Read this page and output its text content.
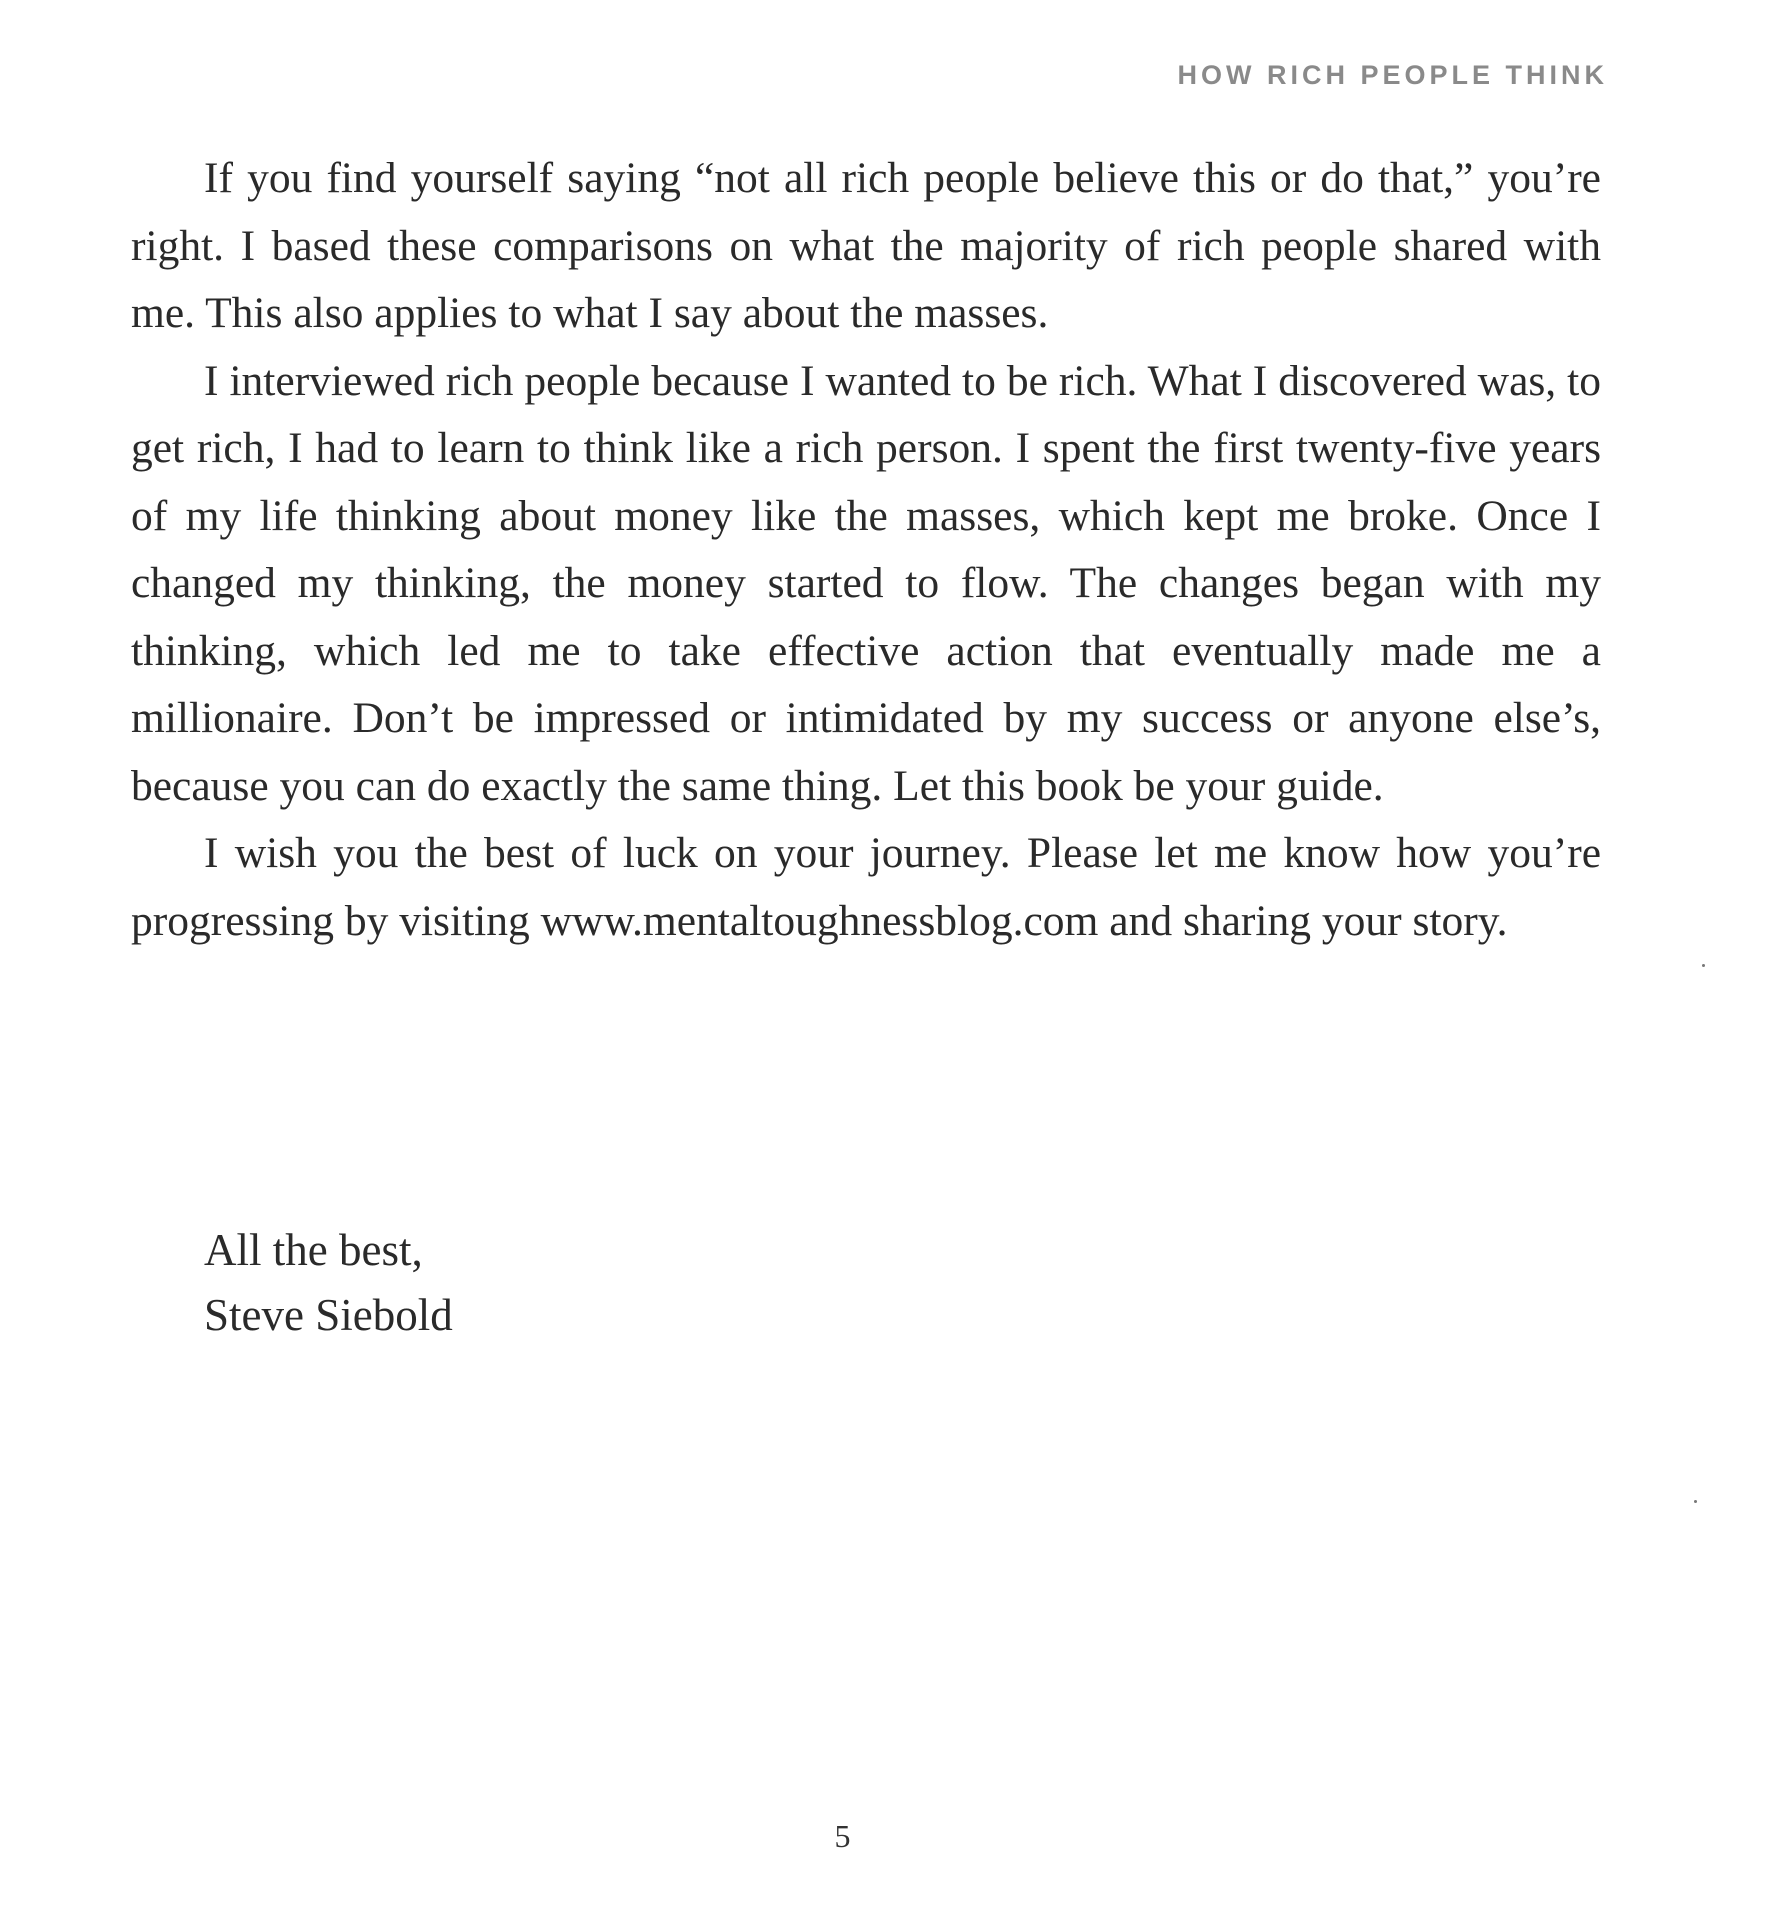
HOW RICH PEOPLE THINK

If you find yourself saying “not all rich people believe this or do that,” you’re right. I based these comparisons on what the majority of rich people shared with me. This also applies to what I say about the masses.

I interviewed rich people because I wanted to be rich. What I discovered was, to get rich, I had to learn to think like a rich person. I spent the first twenty-five years of my life thinking about money like the masses, which kept me broke. Once I changed my thinking, the money started to flow. The changes began with my thinking, which led me to take effective action that eventually made me a millionaire. Don’t be impressed or intimidated by my success or anyone else’s, because you can do exactly the same thing. Let this book be your guide.

I wish you the best of luck on your journey. Please let me know how you’re progressing by visiting www.mentaltoughnessblog.com and sharing your story.

All the best,
Steve Siebold
5
